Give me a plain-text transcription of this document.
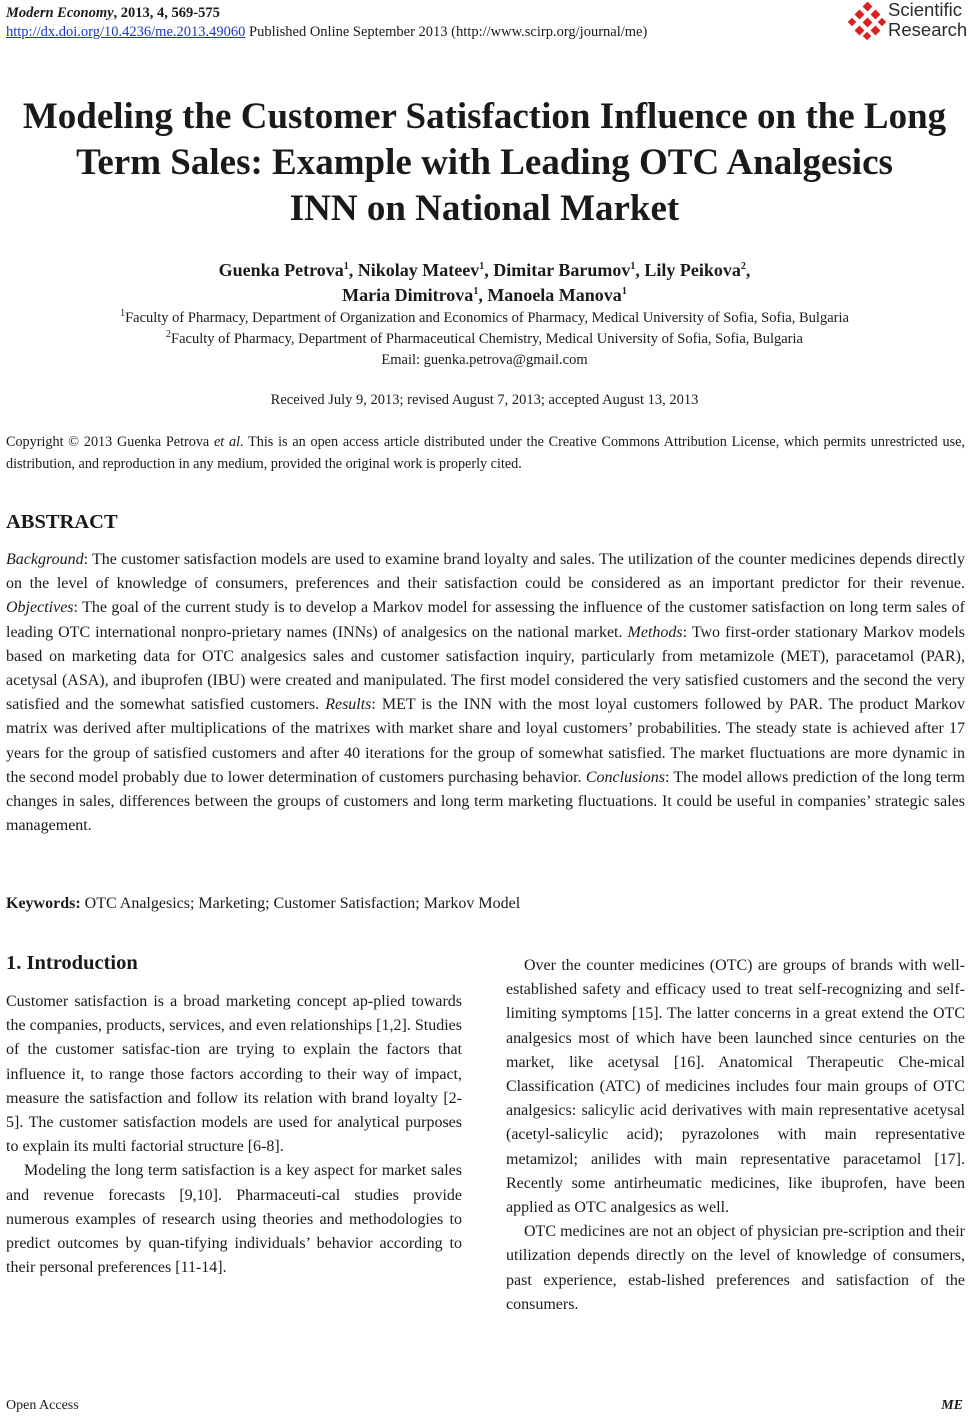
Modern Economy, 2013, 4, 569-575
http://dx.doi.org/10.4236/me.2013.49060 Published Online September 2013 (http://www.scirp.org/journal/me)
Scientific
Research
Modeling the Customer Satisfaction Influence on the Long
Term Sales: Example with Leading OTC Analgesics
INN on National Market
Guenka Petrova$^1$, Nikolay Mateev$^1$, Dimitar Barumov$^1$, Lily Peikova$^2$,
Maria Dimitrova$^1$, Manoela Manova$^1$
$^1$Faculty of Pharmacy, Department of Organization and Economics of Pharmacy, Medical University of Sofia, Sofia, Bulgaria
$^2$Faculty of Pharmacy, Department of Pharmaceutical Chemistry, Medical University of Sofia, Sofia, Bulgaria
Email: guenka.petrova@gmail.com
Received July 9, 2013; revised August 7, 2013; accepted August 13, 2013
Copyright © 2013 Guenka Petrova et al. This is an open access article distributed under the Creative Commons Attribution License, which permits unrestricted use, distribution, and reproduction in any medium, provided the original work is properly cited.
ABSTRACT

Background: The customer satisfaction models are used to examine brand loyalty and sales. The utilization of the counter medicines depends directly on the level of knowledge of consumers, preferences and their satisfaction could be considered as an important predictor for their revenue. Objectives: The goal of the current study is to develop a Markov model for assessing the influence of the customer satisfaction on long term sales of leading OTC international nonpro-prietary names (INNs) of analgesics on the national market. Methods: Two first-order stationary Markov models based on marketing data for OTC analgesics sales and customer satisfaction inquiry, particularly from metamizole (MET), paracetamol (PAR), acetysal (ASA), and ibuprofen (IBU) were created and manipulated. The first model considered the very satisfied customers and the second the very satisfied and the somewhat satisfied customers. Results: MET is the INN with the most loyal customers followed by PAR. The product Markov matrix was derived after multiplications of the matrixes with market share and loyal customers’ probabilities. The steady state is achieved after 17 years for the group of satisfied customers and after 40 iterations for the group of somewhat satisfied. The market fluctuations are more dynamic in the second model probably due to lower determination of customers purchasing behavior. Conclusions: The model allows prediction of the long term changes in sales, differences between the groups of customers and long term marketing fluctuations. It could be useful in companies’ strategic sales management.

Keywords: OTC Analgesics; Marketing; Customer Satisfaction; Markov Model
1. Introduction

Customer satisfaction is a broad marketing concept ap-plied towards the companies, products, services, and even relationships [1,2]. Studies of the customer satisfac-tion are trying to explain the factors that influence it, to range those factors according to their way of impact, measure the satisfaction and follow its relation with brand loyalty [2-5]. The customer satisfaction models are used for analytical purposes to explain its multi factorial structure [6-8].

Modeling the long term satisfaction is a key aspect for market sales and revenue forecasts [9,10]. Pharmaceuti-cal studies provide numerous examples of research using theories and methodologies to predict outcomes by quan-tifying individuals’ behavior according to their personal preferences [11-14].

Over the counter medicines (OTC) are groups of brands with well-established safety and efficacy used to treat self-recognizing and self-limiting symptoms [15]. The latter concerns in a great extend the OTC analgesics most of which have been launched since centuries on the market, like acetysal [16]. Anatomical Therapeutic Che-mical Classification (ATC) of medicines includes four main groups of OTC analgesics: salicylic acid derivatives with main representative acetysal (acetyl-salicylic acid); pyrazolones with main representative metamizol; anilides with main representative paracetamol [17]. Recently some antirheumatic medicines, like ibuprofen, have been applied as OTC analgesics as well.

OTC medicines are not an object of physician pre-scription and their utilization depends directly on the level of knowledge of consumers, past experience, estab-lished preferences and satisfaction of the consumers.

Open Access	ME
